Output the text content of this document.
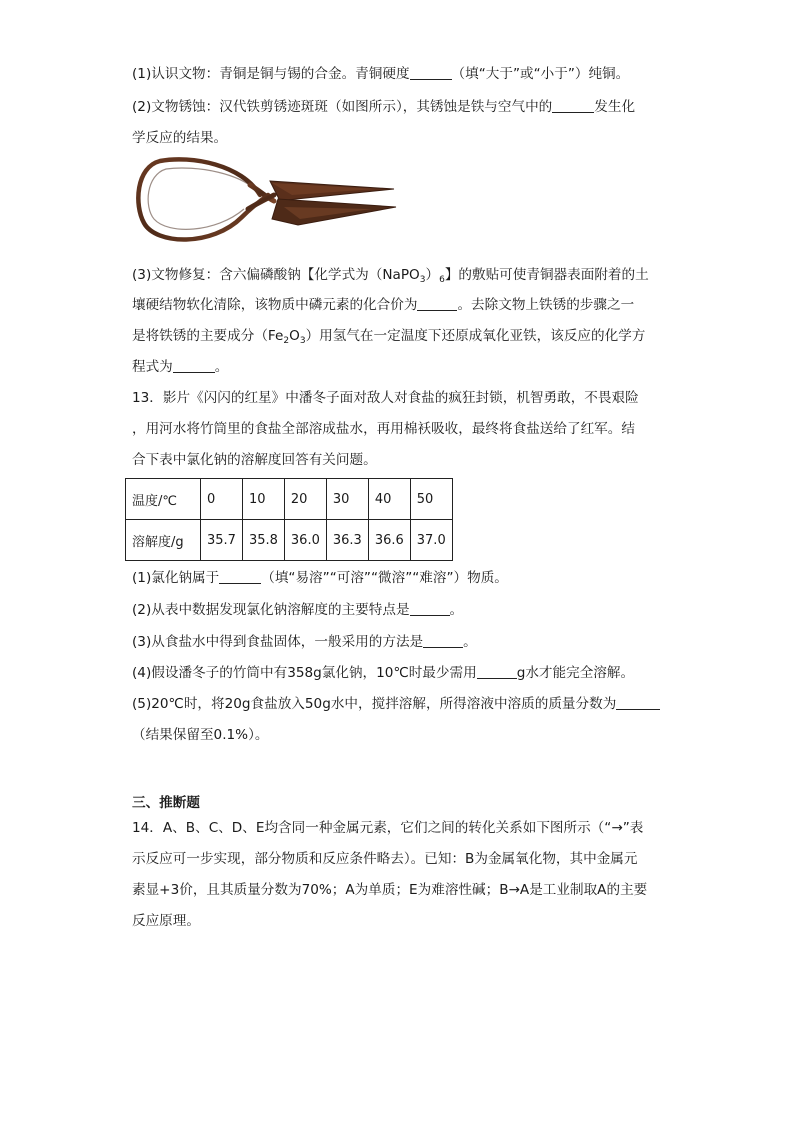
(1)认识文物：青铜是铜与锡的合金。青铜硬度	（填“大于”或“小于”）纯铜。
(2)文物锈蚀：汉代铁剪锈迹斑斑（如图所示），其锈蚀是铁与空气中的	发生化
学反应的结果。
(3)文物修复：含六偏磷酸钠【化学式为$(NaPO_3)_6$】的敷贴可使青铜器表面附着的土
壤硬结物软化清除，该物质中磷元素的化合价为	。去除文物上铁锈的步骤之一
是将铁锈的主要成分$(Fe_2O_3)$用氢气在一定温度下还原成氧化亚铁，该反应的化学方
程式为	。
13．影片《闪闪的红星》中潘冬子面对敌人对食盐的疯狂封锁，机智勇敢，不畏艰险
，用河水将竹筒里的食盐全部溶成盐水，再用棉袄吸收，最终将食盐送给了红军。结
合下表中氯化钠的溶解度回答有关问题。
温度/℃	0	10	20	30	40	50
溶解度/g	35.7	35.8	36.0	36.3	36.6	37.0
(1)氯化钠属于	（填“易溶”“可溶”“微溶”“难溶”）物质。
(2)从表中数据发现氯化钠溶解度的主要特点是	。
(3)从食盐水中得到食盐固体，一般采用的方法是	。
(4)假设潘冬子的竹筒中有358g氯化钠，10℃时最少需用	g水才能完全溶解。
(5)20℃时，将20g食盐放入50g水中，搅拌溶解，所得溶液中溶质的质量分数为
（结果保留至0.1%）。
三、推断题
14．A、B、C、D、E均含同一种金属元素，它们之间的转化关系如下图所示（“→”表
示反应可一步实现，部分物质和反应条件略去）。已知：B为金属氧化物，其中金属元
素显+3价，且其质量分数为70%；A为单质；E为难溶性碱；B→A是工业制取A的主要
反应原理。
